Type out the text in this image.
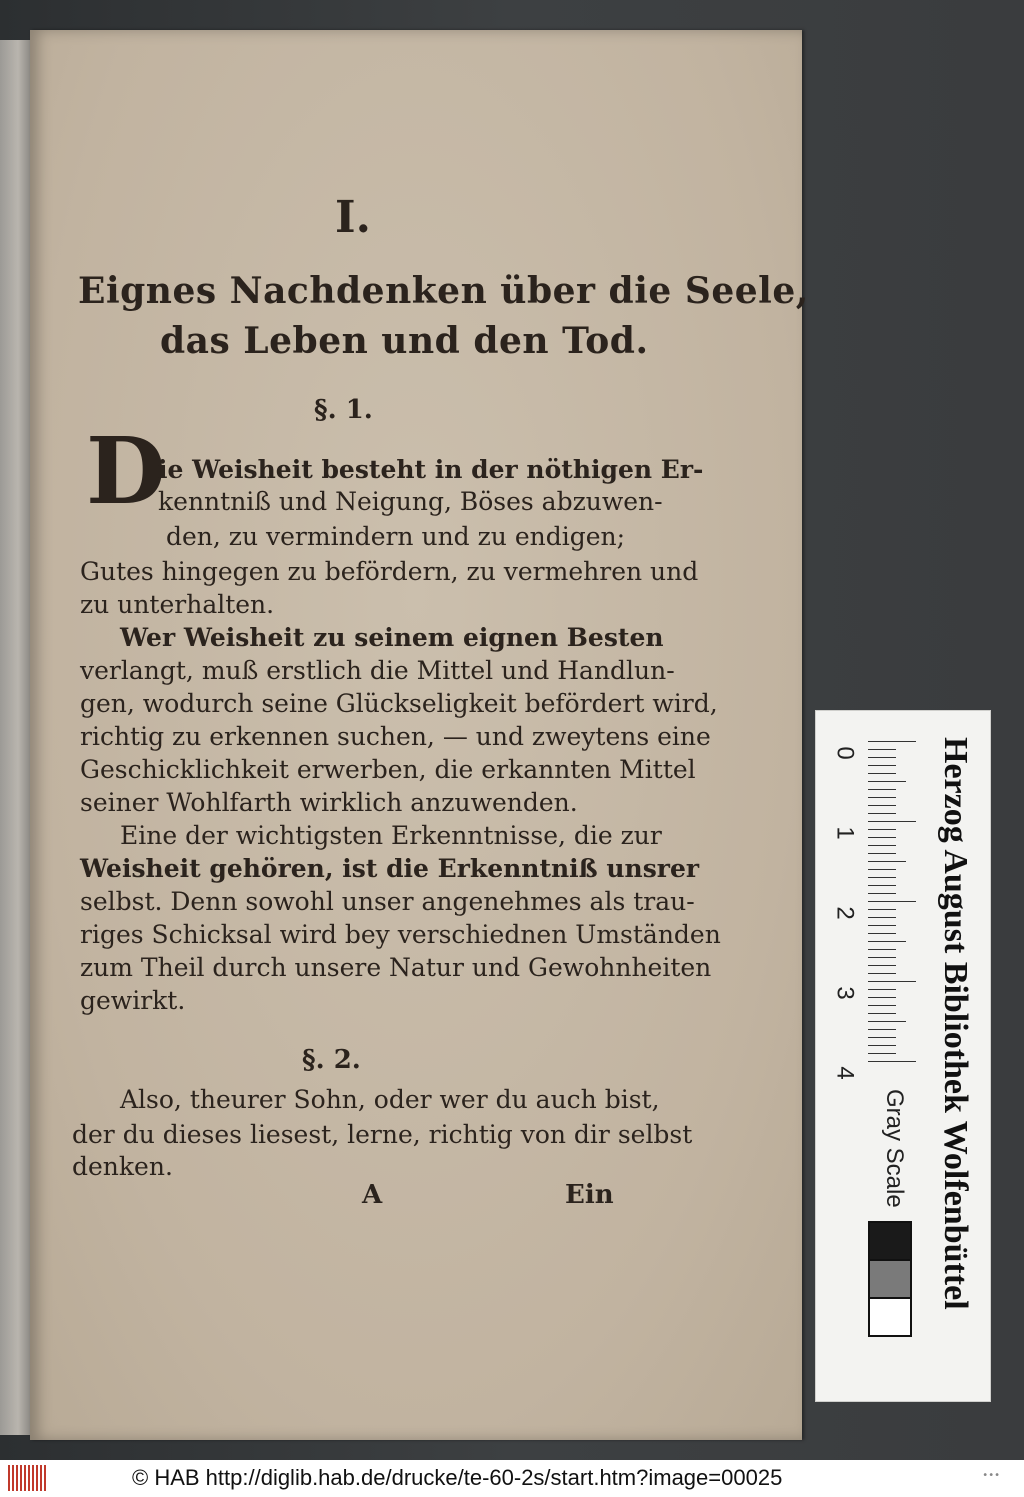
I.
Eignes Nachdenken über die Seele,
das Leben und den Tod.
§. 1.
D
ie Weisheit besteht in der nöthigen Er-
kenntniß und Neigung, Böses abzuwen-
den, zu vermindern und zu endigen;
Gutes hingegen zu befördern, zu vermehren und
zu unterhalten.
Wer Weisheit zu seinem eignen Besten
verlangt, muß erstlich die Mittel und Handlun-
gen, wodurch seine Glückseligkeit befördert wird,
richtig zu erkennen suchen, — und zweytens eine
Geschicklichkeit erwerben, die erkannten Mittel
seiner Wohlfarth wirklich anzuwenden.
Eine der wichtigsten Erkenntnisse, die zur
Weisheit gehören, ist die Erkenntniß unsrer
selbst. Denn sowohl unser angenehmes als trau-
riges Schicksal wird bey verschiednen Umständen
zum Theil durch unsere Natur und Gewohnheiten
gewirkt.
§. 2.
Also, theurer Sohn, oder wer du auch bist,
der du dieses liesest, lerne, richtig von dir selbst
denken.
A	Ein
0
1
2
3
4 Herzog August Bibliothek Wolfenbüttel
Gray Scale
© HAB http://diglib.hab.de/drucke/te-60-2s/start.htm?image=00025	•••
